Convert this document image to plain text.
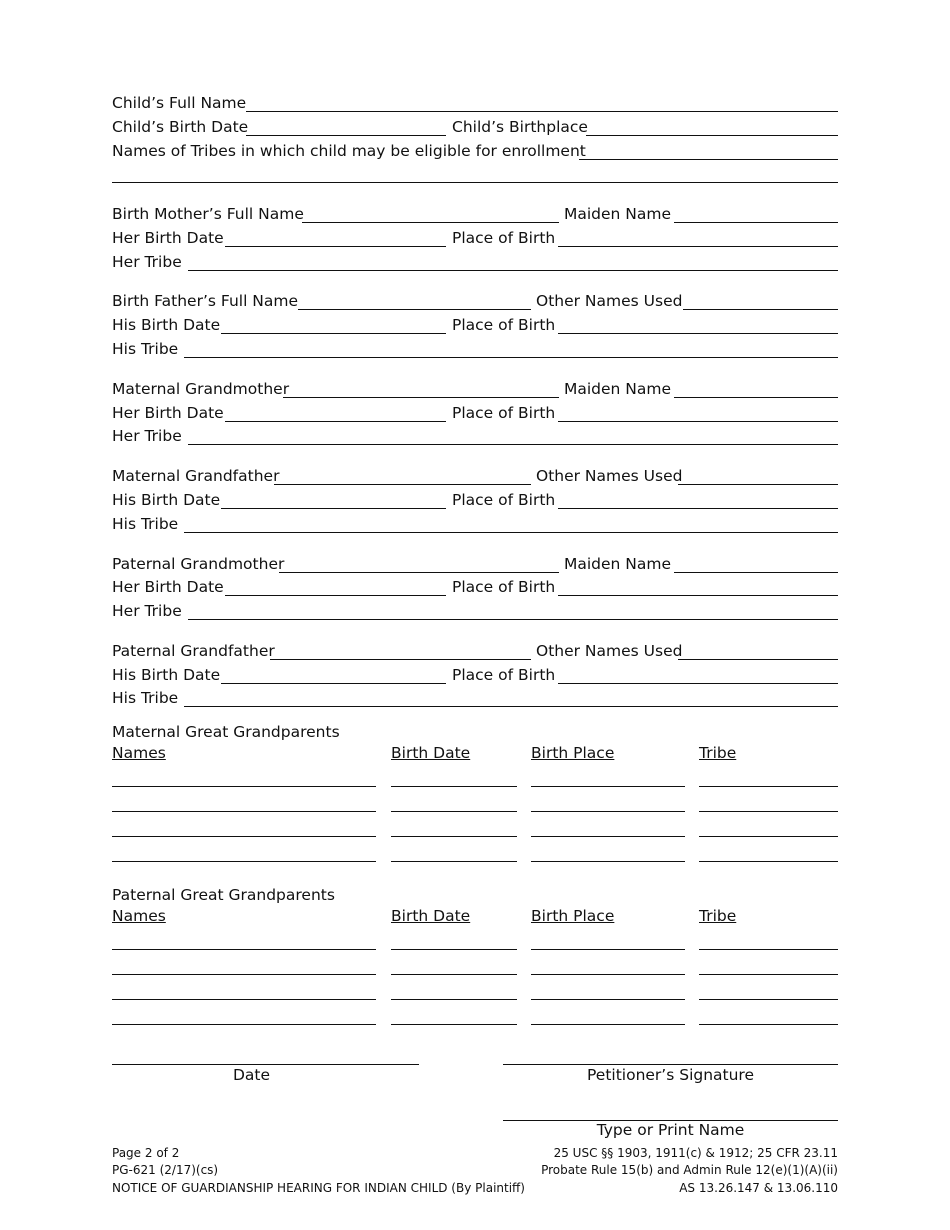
Child’s Full Name
Child’s Birth Date	Child’s Birthplace
Names of Tribes in which child may be eligible for enrollment
Birth Mother’s Full Name	Maiden Name
Her Birth Date	Place of Birth
Her Tribe
Birth Father’s Full Name	Other Names Used
His Birth Date	Place of Birth
His Tribe
Maternal Grandmother	Maiden Name
Her Birth Date	Place of Birth
Her Tribe
Maternal Grandfather	Other Names Used
His Birth Date	Place of Birth
His Tribe
Paternal Grandmother	Maiden Name
Her Birth Date	Place of Birth
Her Tribe
Paternal Grandfather	Other Names Used
His Birth Date	Place of Birth
His Tribe
Maternal Great Grandparents
Names	Birth Date	Birth Place	Tribe
Paternal Great Grandparents
Names	Birth Date	Birth Place	Tribe
Date	Petitioner’s Signature
Type or Print Name
Page 2 of 2
PG-621 (2/17)(cs)
NOTICE OF GUARDIANSHIP HEARING FOR INDIAN CHILD (By Plaintiff)
25 USC §§ 1903, 1911(c) & 1912; 25 CFR 23.11
Probate Rule 15(b) and Admin Rule 12(e)(1)(A)(ii)
AS 13.26.147 & 13.06.110
